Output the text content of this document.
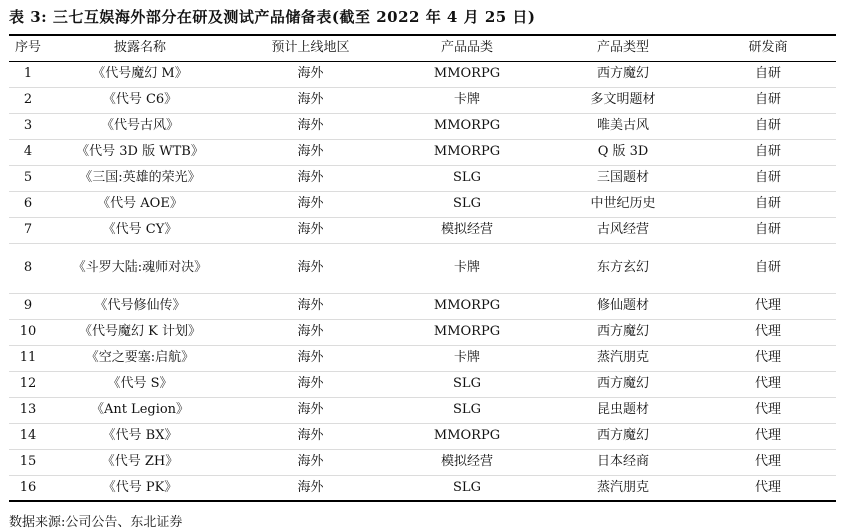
表 3: 三七互娱海外部分在研及测试产品储备表(截至 2022 年 4 月 25 日)
序号	披露名称	预计上线地区	产品品类	产品类型	研发商
1	《代号魔幻 M》	海外	MMORPG	西方魔幻	自研
2	《代号 C6》	海外	卡牌	多文明题材	自研
3	《代号古风》	海外	MMORPG	唯美古风	自研
4	《代号 3D 版 WTB》	海外	MMORPG	Q 版 3D	自研
5	《三国:英雄的荣光》	海外	SLG	三国题材	自研
6	《代号 AOE》	海外	SLG	中世纪历史	自研
7	《代号 CY》	海外	模拟经营	古风经营	自研
8	《斗罗大陆:魂师对决》	海外	卡牌	东方玄幻	自研
9	《代号修仙传》	海外	MMORPG	修仙题材	代理
10	《代号魔幻 K 计划》	海外	MMORPG	西方魔幻	代理
11	《空之要塞:启航》	海外	卡牌	蒸汽朋克	代理
12	《代号 S》	海外	SLG	西方魔幻	代理
13	《Ant Legion》	海外	SLG	昆虫题材	代理
14	《代号 BX》	海外	MMORPG	西方魔幻	代理
15	《代号 ZH》	海外	模拟经营	日本经商	代理
16	《代号 PK》	海外	SLG	蒸汽朋克	代理
数据来源:公司公告、东北证券
